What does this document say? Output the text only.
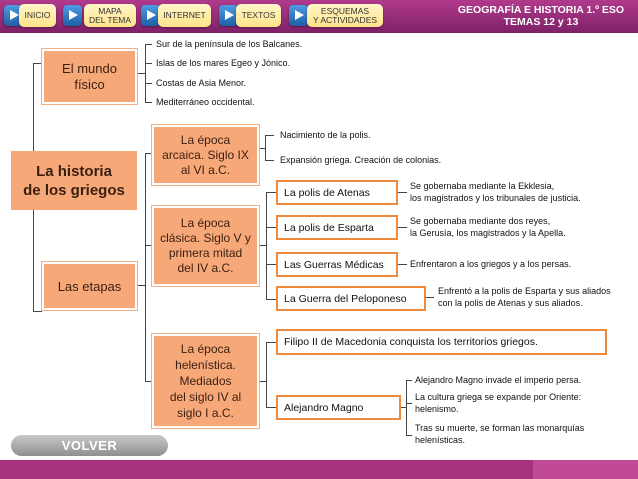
INICIO	MAPA
DEL TEMA	INTERNET	TEXTOS	ESQUEMAS
Y ACTIVIDADES
GEOGRAFÍA E HISTORIA 1.º ESO
TEMAS 12 y 13
La historia
de los griegos
El mundo
físico
Sur de la península de los Balcanes.
Islas de los mares Egeo y Jónico.
Costas de Asia Menor.
Mediterráneo occidental.
Las etapas
La época
arcaica. Siglo IX
al VI a.C.
Nacimiento de la polis.
Expansión griega. Creación de colonias.
La época
clásica. Siglo V y
primera mitad
del IV a.C.
La polis de Atenas
La polis de Esparta
Las Guerras Médicas
La Guerra del Peloponeso
Se gobernaba mediante la Ekklesia,
los magistrados y los tribunales de justicia.
Se gobernaba mediante dos reyes,
la Gerusía, los magistrados y la Apella.
Enfrentaron a los griegos y a los persas.
Enfrentó a la polis de Esparta y sus aliados
con la polis de Atenas y sus aliados.
La época
helenística.
Mediados
del siglo IV al
siglo I a.C.
Filipo II de Macedonia conquista los territorios griegos.
Alejandro Magno
Alejandro Magno invade el imperio persa.
La cultura griega se expande por Oriente:
helenismo.
Tras su muerte, se forman las monarquías
helenísticas.
VOLVER
